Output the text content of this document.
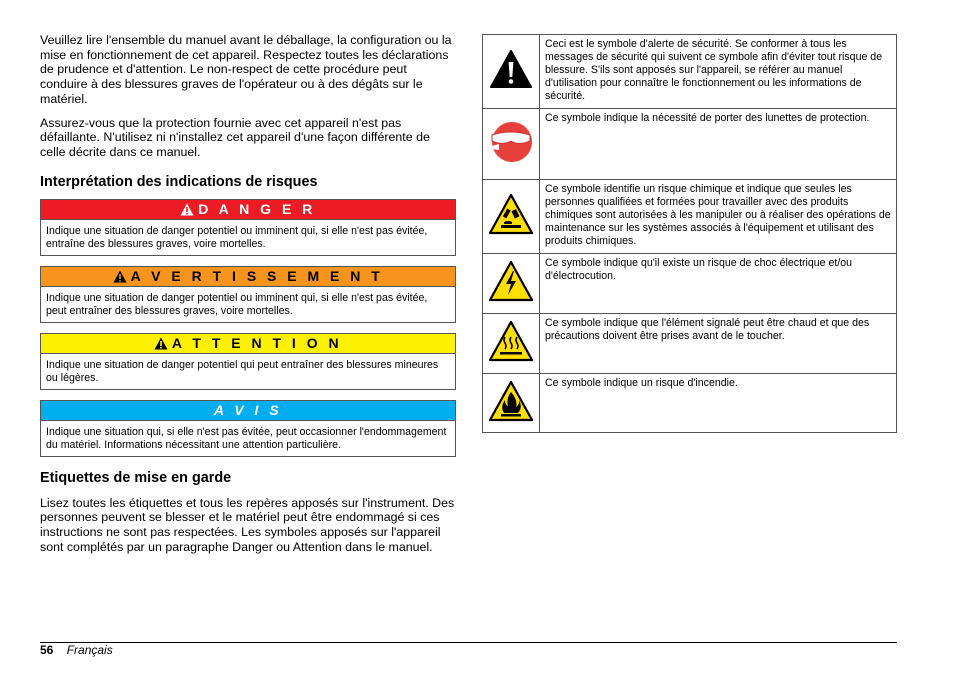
Veuillez lire l'ensemble du manuel avant le déballage, la configuration ou la mise en fonctionnement de cet appareil. Respectez toutes les déclarations de prudence et d'attention. Le non-respect de cette procédure peut conduire à des blessures graves de l'opérateur ou à des dégâts sur le matériel.

Assurez-vous que la protection fournie avec cet appareil n'est pas défaillante. N'utilisez ni n'installez cet appareil d'une façon différente de celle décrite dans ce manuel.

Interprétation des indications de risques
D A N G E R
Indique une situation de danger potentiel ou imminent qui, si elle n'est pas évitée, entraîne des blessures graves, voire mortelles.
A V E R T I S S E M E N T
Indique une situation de danger potentiel ou imminent qui, si elle n'est pas évitée, peut entraîner des blessures graves, voire mortelles.
A T T E N T I O N
Indique une situation de danger potentiel qui peut entraîner des blessures mineures ou légères.
A V I S
Indique une situation qui, si elle n'est pas évitée, peut occasionner l'endommagement du matériel. Informations nécessitant une attention particulière.
Etiquettes de mise en garde

Lisez toutes les étiquettes et tous les repères apposés sur l'instrument. Des personnes peuvent se blesser et le matériel peut être endommagé si ces instructions ne sont pas respectées. Les symboles apposés sur l'appareil sont complétés par un paragraphe Danger ou Attention dans le manuel.

	Ceci est le symbole d'alerte de sécurité. Se conformer à tous les messages de sécurité qui suivent ce symbole afin d'éviter tout risque de blessure. S'ils sont apposés sur l'appareil, se référer au manuel d'utilisation pour connaître le fonctionnement ou les informations de sécurité.
	Ce symbole indique la nécessité de porter des lunettes de protection.
	Ce symbole identifie un risque chimique et indique que seules les personnes qualifiées et formées pour travailler avec des produits chimiques sont autorisées à les manipuler ou à réaliser des opérations de maintenance sur les systèmes associés à l'équipement et utilisant des produits chimiques.
	Ce symbole indique qu'il existe un risque de choc électrique et/ou d'électrocution.
	Ce symbole indique que l'élément signalé peut être chaud et que des précautions doivent être prises avant de le toucher.
	Ce symbole indique un risque d'incendie.
56 Français
